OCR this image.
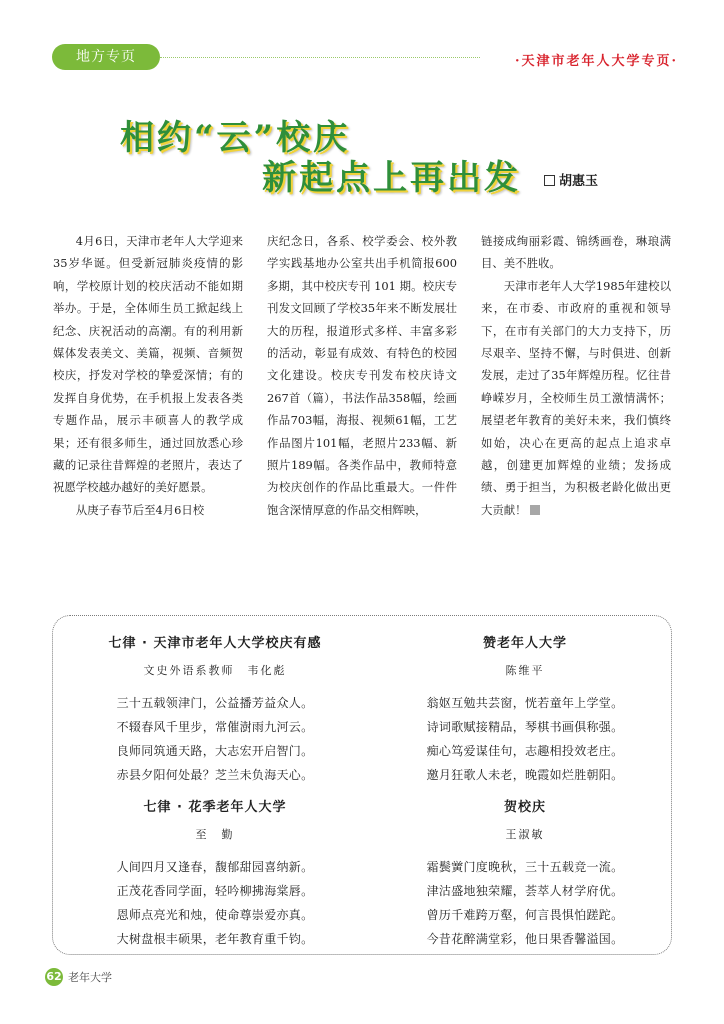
地方专页	·天津市老年人大学专页·
相约“云”校庆
新起点上再出发	胡惠玉

4月6日，天津市老年人大学迎来35岁华诞。但受新冠肺炎疫情的影响，学校原计划的校庆活动不能如期举办。于是，全体师生员工掀起线上纪念、庆祝活动的高潮。有的利用新媒体发表美文、美篇，视频、音频贺校庆，抒发对学校的挚爱深情；有的发挥自身优势，在手机报上发表各类专题作品，展示丰硕喜人的教学成果；还有很多师生，通过回放悉心珍藏的记录往昔辉煌的老照片，表达了祝愿学校越办越好的美好愿景。

从庚子春节后至4月6日校

庆纪念日，各系、校学委会、校外教学实践基地办公室共出手机简报600多期，其中校庆专刊 101 期。校庆专刊发文回顾了学校35年来不断发展壮大的历程，报道形式多样、丰富多彩的活动，彰显有成效、有特色的校园文化建设。校庆专刊发布校庆诗文267首（篇），书法作品358幅，绘画作品703幅，海报、视频61幅，工艺作品图片101幅，老照片233幅、新照片189幅。各类作品中，教师特意为校庆创作的作品比重最大。一件件饱含深情厚意的作品交相辉映，

链接成绚丽彩霞、锦绣画卷，琳琅满目、美不胜收。

天津市老年人大学1985年建校以来，在市委、市政府的重视和领导下，在市有关部门的大力支持下，历尽艰辛、坚持不懈，与时俱进、创新发展，走过了35年辉煌历程。忆往昔峥嵘岁月，全校师生员工激情满怀；展望老年教育的美好未来，我们慎终如始，决心在更高的起点上追求卓越，创建更加辉煌的业绩；发扬成绩、勇于担当，为积极老龄化做出更大贡献！

七律 · 天津市老年人大学校庆有感
文史外语系教师　韦化彪
三十五载领津门，公益播芳益众人。
不辍春风千里步，常催澍雨九河云。
良师同筑通天路，大志宏开启智门。
赤县夕阳何处最？芝兰未负海天心。
赞老年人大学
陈维平
翁妪互勉共芸窗，恍若童年上学堂。
诗词歌赋接精品，琴棋书画俱称强。
痴心笃爱谋佳句，志趣相投效老庄。
邀月狂歌人未老，晚霞如烂胜朝阳。
七律 · 花季老年人大学
至　勤
人间四月又逢春，馥郁甜园喜纳新。
正茂花香同学面，轻吟柳拂海棠唇。
恩师点亮光和烛，使命尊崇爱亦真。
大树盘根丰硕果，老年教育重千钧。
贺校庆
王淑敏
霜鬓黉门度晚秋，三十五载竞一流。
津沽盛地独荣耀，荟萃人材学府优。
曾历千难跨万壑，何言畏惧怕蹉跎。
今昔花醉满堂彩，他日果香馨溢国。
62 老年大学
